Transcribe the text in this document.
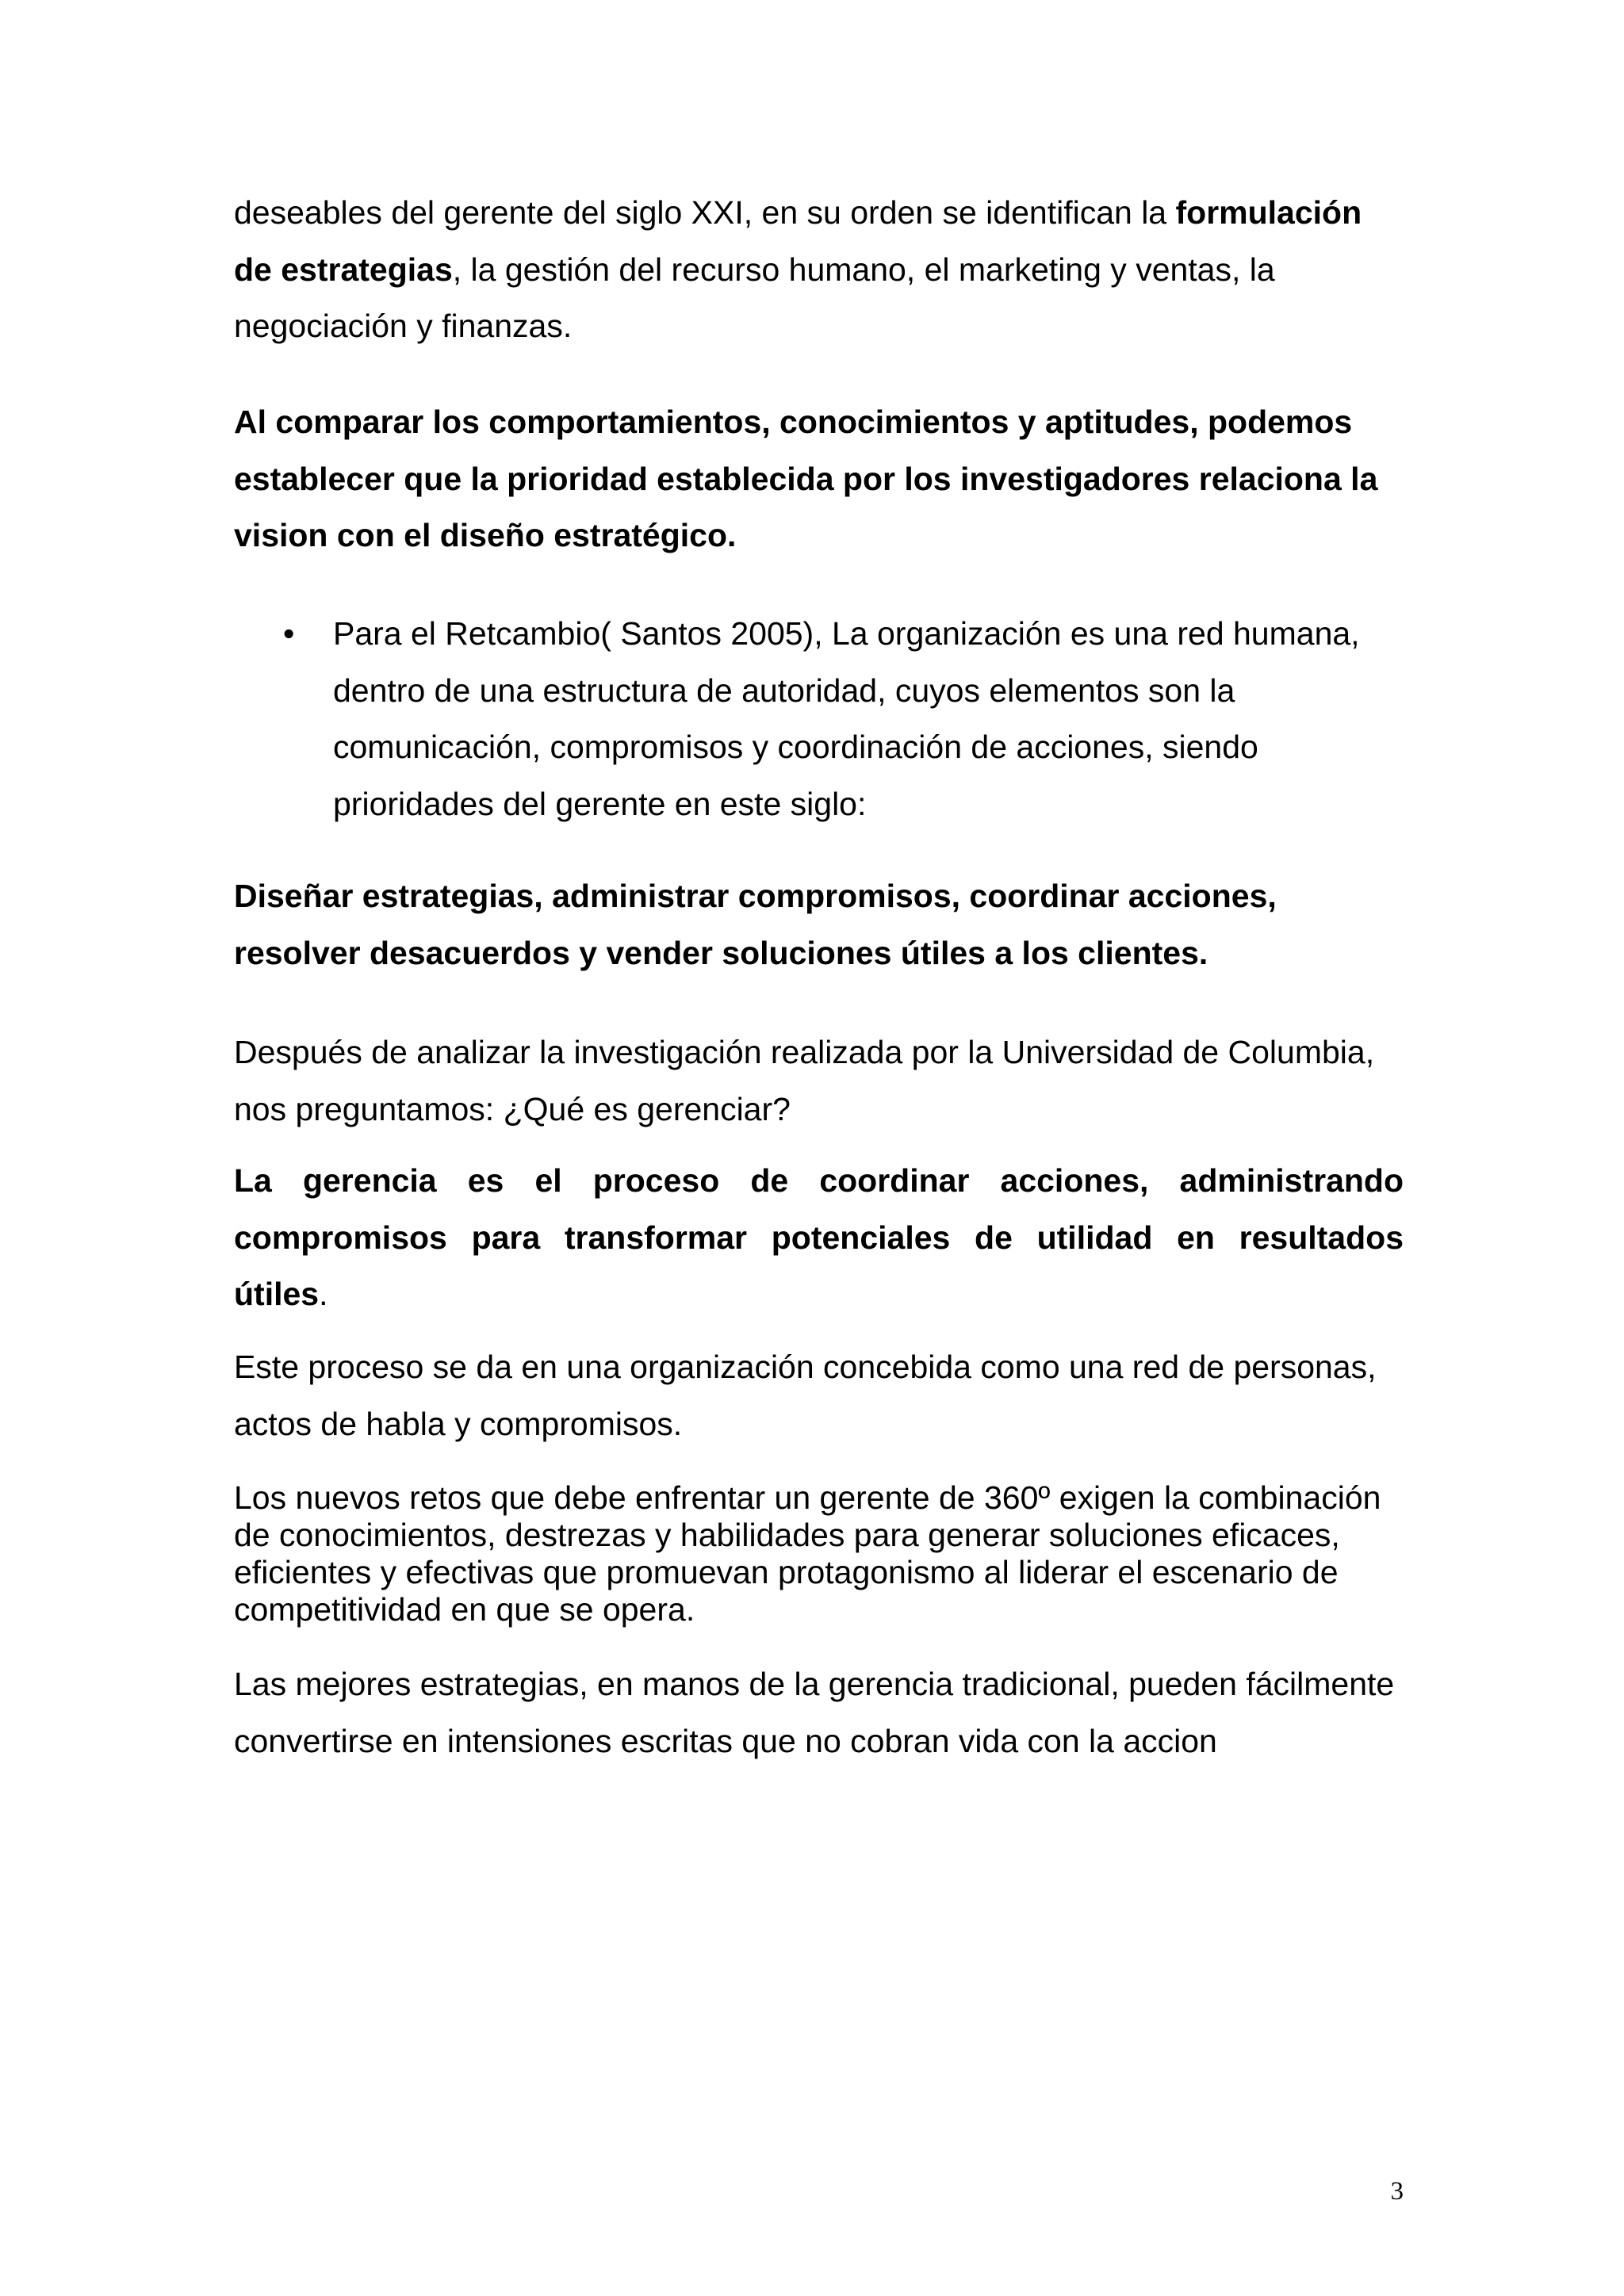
deseables del gerente del siglo XXI, en su orden se identifican la formulación de estrategias, la gestión del recurso humano, el marketing y ventas, la negociación y finanzas.

Al comparar los comportamientos, conocimientos y aptitudes, podemos establecer que la prioridad establecida por los investigadores relaciona la vision con el diseño estratégico.

• Para el Retcambio( Santos 2005), La organización es una red humana, dentro de una estructura de autoridad, cuyos elementos son la comunicación, compromisos y coordinación de acciones, siendo prioridades del gerente en este siglo:

Diseñar estrategias, administrar compromisos, coordinar acciones, resolver desacuerdos y vender soluciones útiles a los clientes.

Después de analizar la investigación realizada por la Universidad de Columbia, nos preguntamos: ¿Qué es gerenciar?

La gerencia es el proceso de coordinar acciones, administrando
compromisos para transformar potenciales de utilidad en resultados
útiles.

Este proceso se da en una organización concebida como una red de personas, actos de habla y compromisos.

Los nuevos retos que debe enfrentar un gerente de 360º exigen la combinación de conocimientos, destrezas y habilidades para generar soluciones eficaces, eficientes y efectivas que promuevan protagonismo al liderar el escenario de competitividad en que se opera.

Las mejores estrategias, en manos de la gerencia tradicional, pueden fácilmente convertirse en intensiones escritas que no cobran vida con la accion

3
